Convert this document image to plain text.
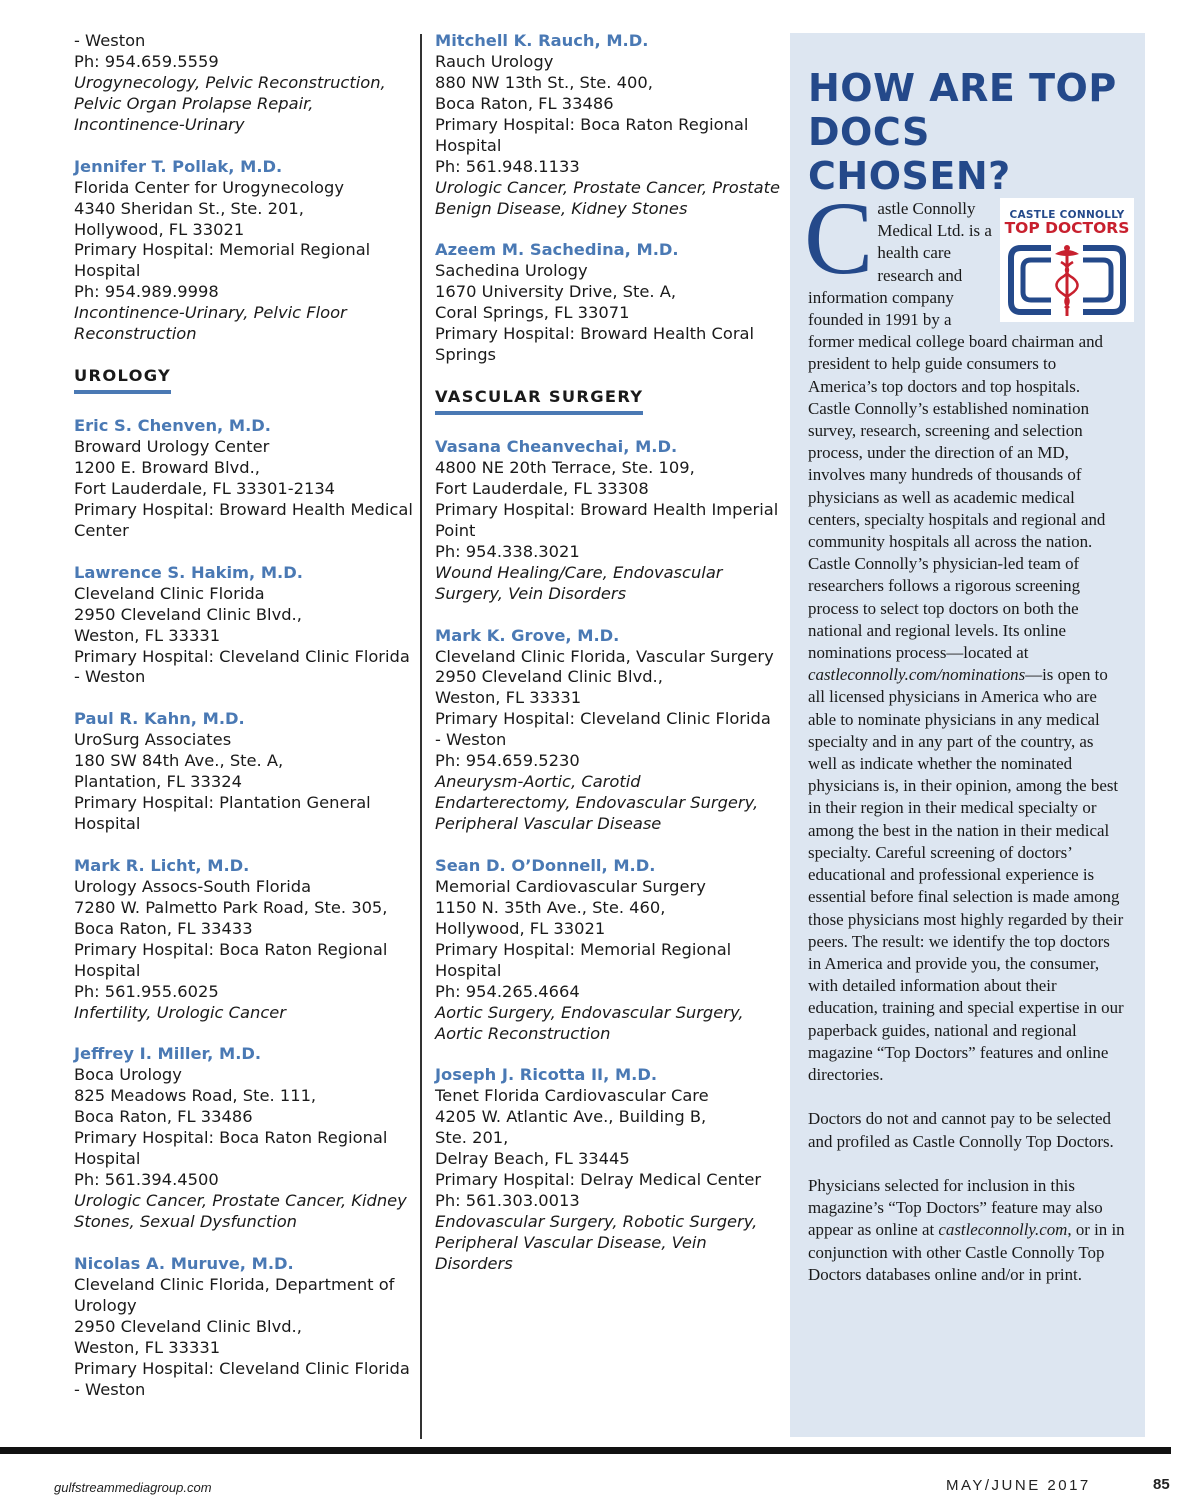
- Weston
Ph: 954.659.5559
Urogynecology, Pelvic Reconstruction, Pelvic Organ Prolapse Repair, Incontinence-Urinary
Jennifer T. Pollak, M.D.
Florida Center for Urogynecology
4340 Sheridan St., Ste. 201,
Hollywood, FL 33021
Primary Hospital: Memorial Regional Hospital
Ph: 954.989.9998
Incontinence-Urinary, Pelvic Floor Reconstruction
UROLOGY
Eric S. Chenven, M.D.
Broward Urology Center
1200 E. Broward Blvd.,
Fort Lauderdale, FL 33301-2134
Primary Hospital: Broward Health Medical Center
Lawrence S. Hakim, M.D.
Cleveland Clinic Florida
2950 Cleveland Clinic Blvd.,
Weston, FL 33331
Primary Hospital: Cleveland Clinic Florida - Weston
Paul R. Kahn, M.D.
UroSurg Associates
180 SW 84th Ave., Ste. A,
Plantation, FL 33324
Primary Hospital: Plantation General Hospital
Mark R. Licht, M.D.
Urology Assocs-South Florida
7280 W. Palmetto Park Road, Ste. 305,
Boca Raton, FL 33433
Primary Hospital: Boca Raton Regional Hospital
Ph: 561.955.6025
Infertility, Urologic Cancer
Jeffrey I. Miller, M.D.
Boca Urology
825 Meadows Road, Ste. 111,
Boca Raton, FL 33486
Primary Hospital: Boca Raton Regional Hospital
Ph: 561.394.4500
Urologic Cancer, Prostate Cancer, Kidney Stones, Sexual Dysfunction
Nicolas A. Muruve, M.D.
Cleveland Clinic Florida, Department of Urology
2950 Cleveland Clinic Blvd.,
Weston, FL 33331
Primary Hospital: Cleveland Clinic Florida - Weston
Mitchell K. Rauch, M.D.
Rauch Urology
880 NW 13th St., Ste. 400,
Boca Raton, FL 33486
Primary Hospital: Boca Raton Regional Hospital
Ph: 561.948.1133
Urologic Cancer, Prostate Cancer, Prostate Benign Disease, Kidney Stones
Azeem M. Sachedina, M.D.
Sachedina Urology
1670 University Drive, Ste. A,
Coral Springs, FL 33071
Primary Hospital: Broward Health Coral Springs
VASCULAR SURGERY
Vasana Cheanvechai, M.D.
4800 NE 20th Terrace, Ste. 109,
Fort Lauderdale, FL 33308
Primary Hospital: Broward Health Imperial Point
Ph: 954.338.3021
Wound Healing/Care, Endovascular Surgery, Vein Disorders
Mark K. Grove, M.D.
Cleveland Clinic Florida, Vascular Surgery
2950 Cleveland Clinic Blvd.,
Weston, FL 33331
Primary Hospital: Cleveland Clinic Florida - Weston
Ph: 954.659.5230
Aneurysm-Aortic, Carotid Endarterectomy, Endovascular Surgery, Peripheral Vascular Disease
Sean D. O’Donnell, M.D.
Memorial Cardiovascular Surgery
1150 N. 35th Ave., Ste. 460,
Hollywood, FL 33021
Primary Hospital: Memorial Regional Hospital
Ph: 954.265.4664
Aortic Surgery, Endovascular Surgery, Aortic Reconstruction
Joseph J. Ricotta II, M.D.
Tenet Florida Cardiovascular Care
4205 W. Atlantic Ave., Building B,
Ste. 201,
Delray Beach, FL 33445
Primary Hospital: Delray Medical Center
Ph: 561.303.0013
Endovascular Surgery, Robotic Surgery, Peripheral Vascular Disease, Vein Disorders
HOW ARE TOP DOCS CHOSEN?

C	CASTLE CONNOLLY
TOP DOCTORS
astle Connolly Medical Ltd. is a health care research and information company founded in 1991 by a former medical college board chairman and president to help guide consumers to America’s top doctors and top hospitals. Castle Connolly’s established nomination survey, research, screening and selection process, under the direction of an MD, involves many hundreds of thousands of physicians as well as academic medical centers, specialty hospitals and regional and community hospitals all across the nation. Castle Connolly’s physician-led team of researchers follows a rigorous screening process to select top doctors on both the national and regional levels. Its online nominations process—located at castleconnolly.com/nominations—is open to all licensed physicians in America who are able to nominate physicians in any medical specialty and in any part of the country, as well as indicate whether the nominated physicians is, in their opinion, among the best in their region in their medical specialty or among the best in the nation in their medical specialty. Careful screening of doctors’ educational and professional experience is essential before final selection is made among those physicians most highly regarded by their peers. The result: we identify the top doctors in America and provide you, the consumer, with detailed information about their education, training and special expertise in our paperback guides, national and regional magazine “Top Doctors” features and online directories.

Doctors do not and cannot pay to be selected and profiled as Castle Connolly Top Doctors.

Physicians selected for inclusion in this magazine’s “Top Doctors” feature may also appear as online at castleconnolly.com, or in in conjunction with other Castle Connolly Top Doctors databases online and/or in print.

gulfstreammediagroup.com	MAY/JUNE 2017	85
